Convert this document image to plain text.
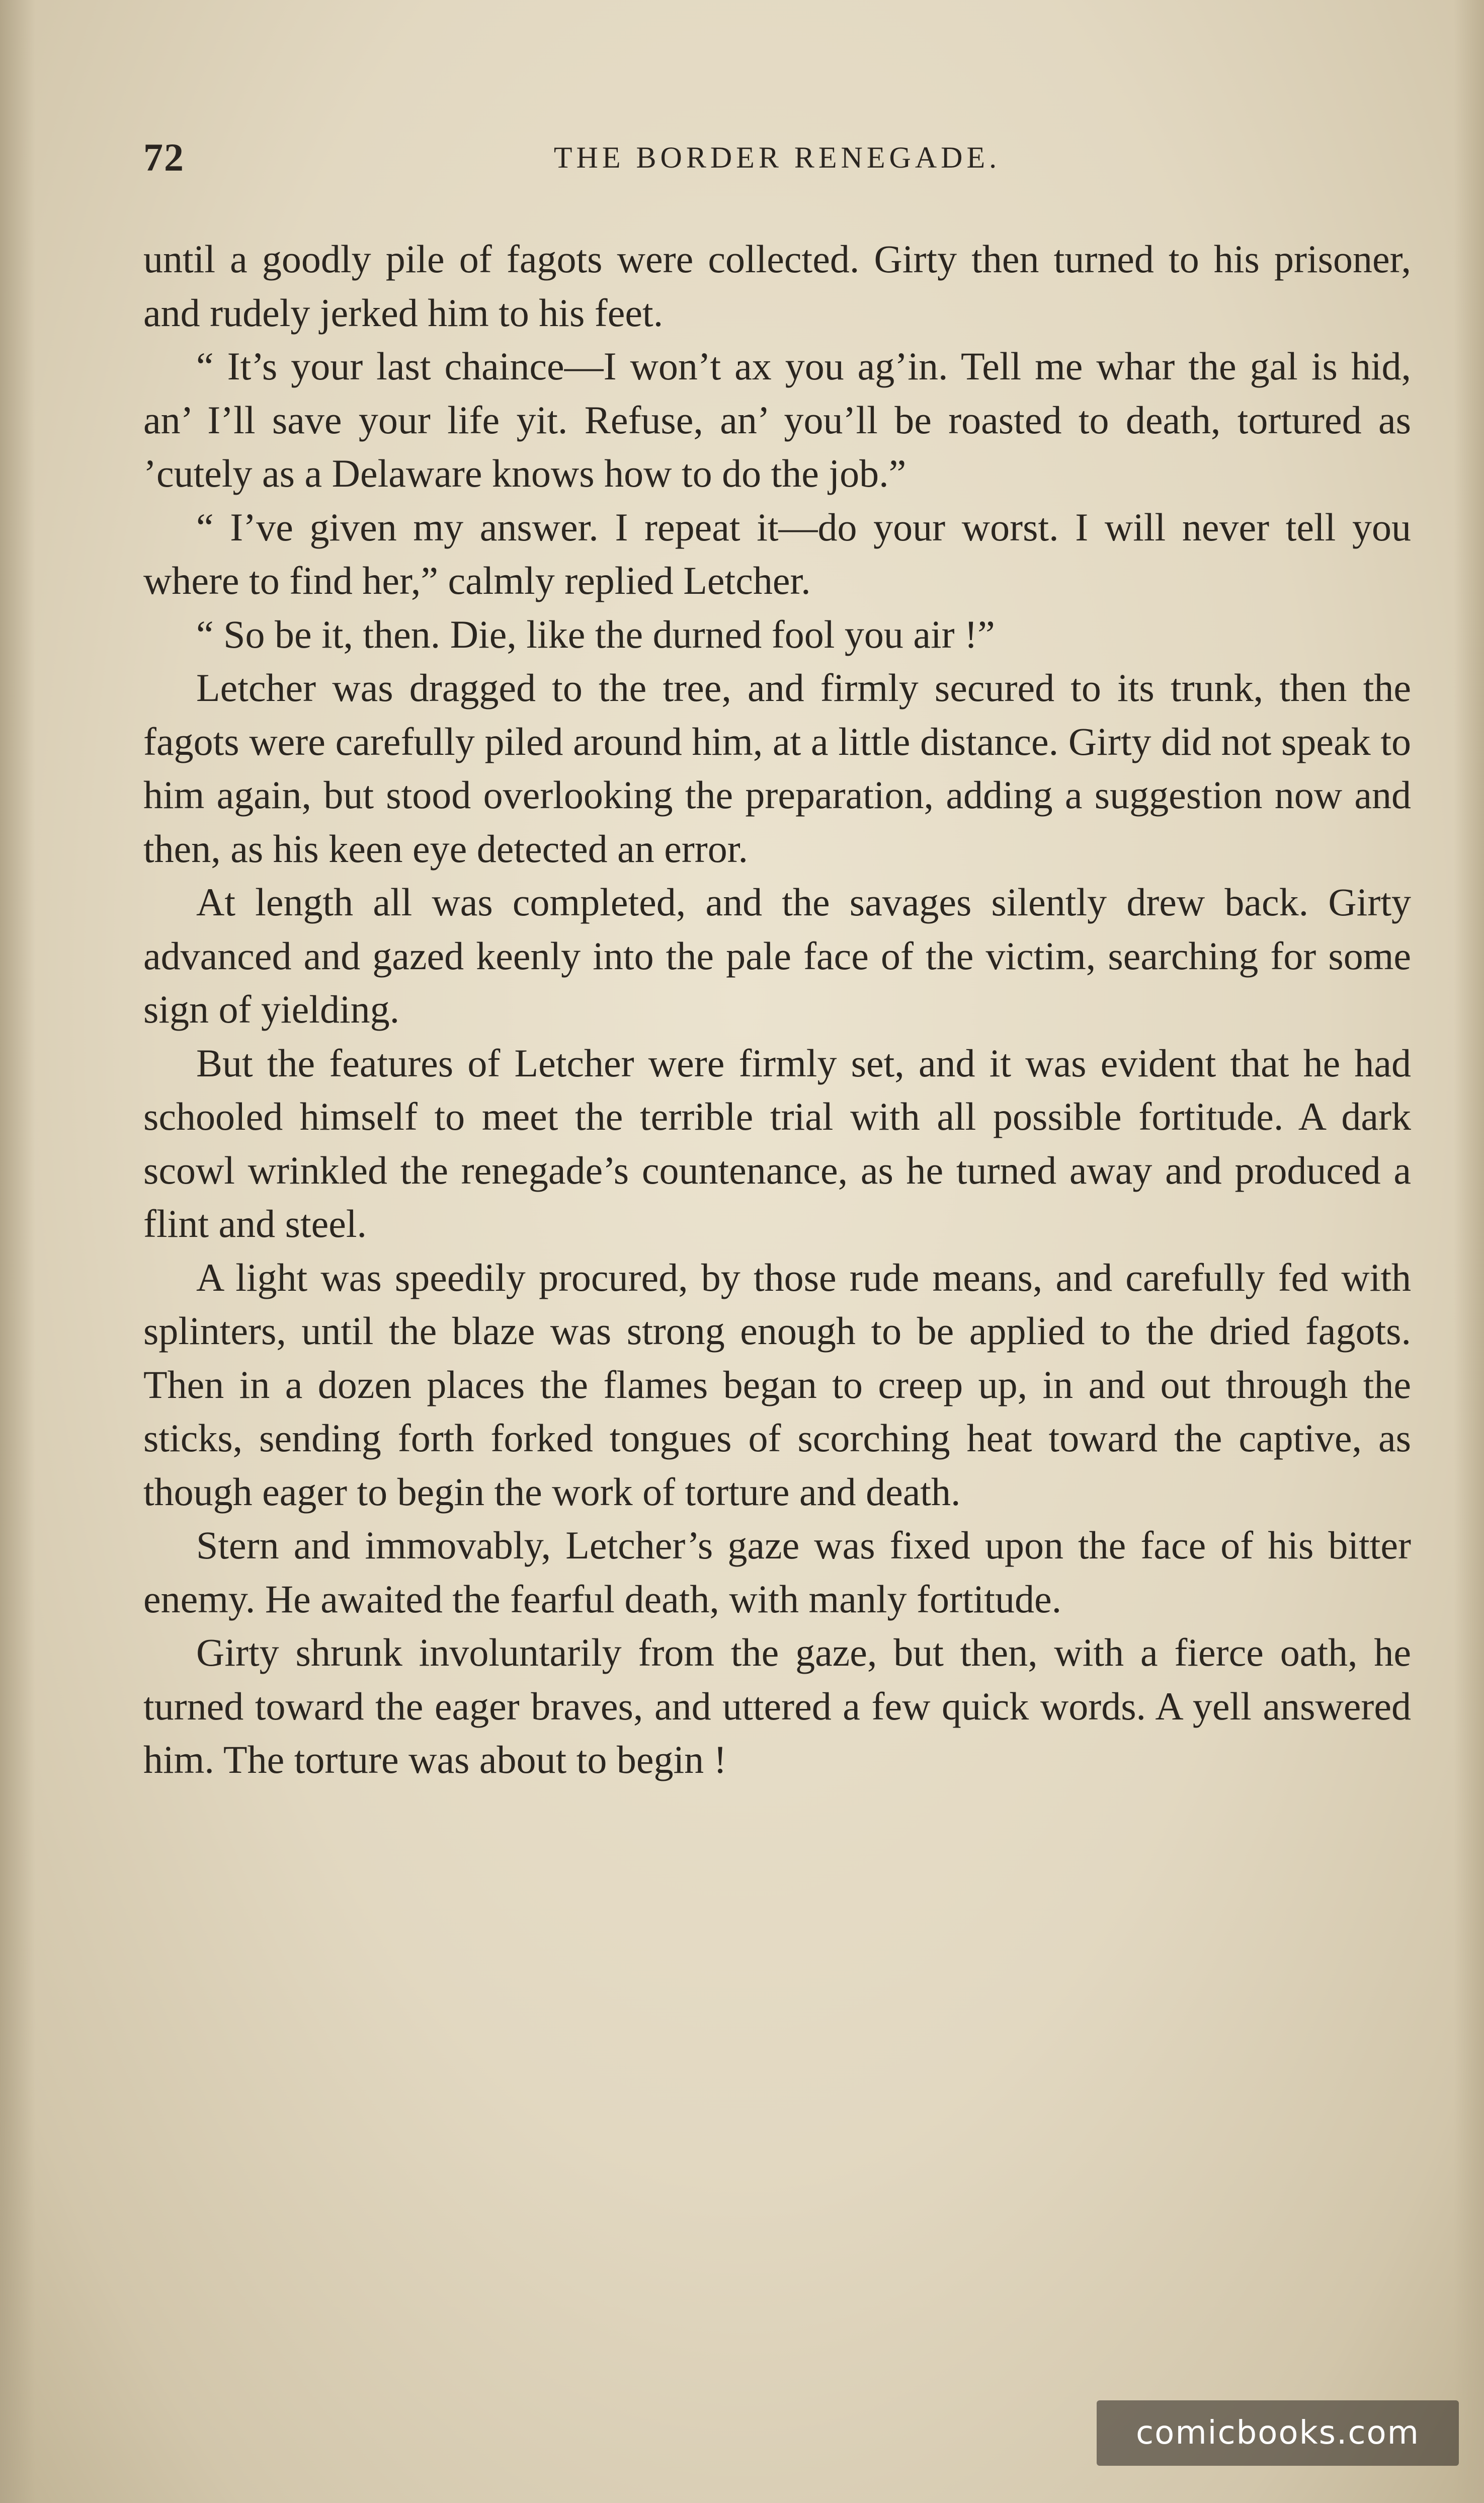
72	THE BORDER RENEGADE.

until a goodly pile of fagots were collected. Girty then turned to his prisoner, and rudely jerked him to his feet.

“ It’s your last chaince—I won’t ax you ag’in. Tell me whar the gal is hid, an’ I’ll save your life yit. Refuse, an’ you’ll be roasted to death, tortured as ’cutely as a Delaware knows how to do the job.”

“ I’ve given my answer. I repeat it—do your worst. I will never tell you where to find her,” calmly replied Letcher.

“ So be it, then. Die, like the durned fool you air !”

Letcher was dragged to the tree, and firmly secured to its trunk, then the fagots were carefully piled around him, at a little distance. Girty did not speak to him again, but stood overlooking the preparation, adding a suggestion now and then, as his keen eye detected an error.

At length all was completed, and the savages silently drew back. Girty advanced and gazed keenly into the pale face of the victim, searching for some sign of yielding.

But the features of Letcher were firmly set, and it was evident that he had schooled himself to meet the terrible trial with all possible fortitude. A dark scowl wrinkled the renegade’s countenance, as he turned away and produced a flint and steel.

A light was speedily procured, by those rude means, and carefully fed with splinters, until the blaze was strong enough to be applied to the dried fagots. Then in a dozen places the flames began to creep up, in and out through the sticks, sending forth forked tongues of scorching heat toward the captive, as though eager to begin the work of torture and death.

Stern and immovably, Letcher’s gaze was fixed upon the face of his bitter enemy. He awaited the fearful death, with manly fortitude.

Girty shrunk involuntarily from the gaze, but then, with a fierce oath, he turned toward the eager braves, and uttered a few quick words. A yell answered him. The torture was about to begin !

comicbooks.com
